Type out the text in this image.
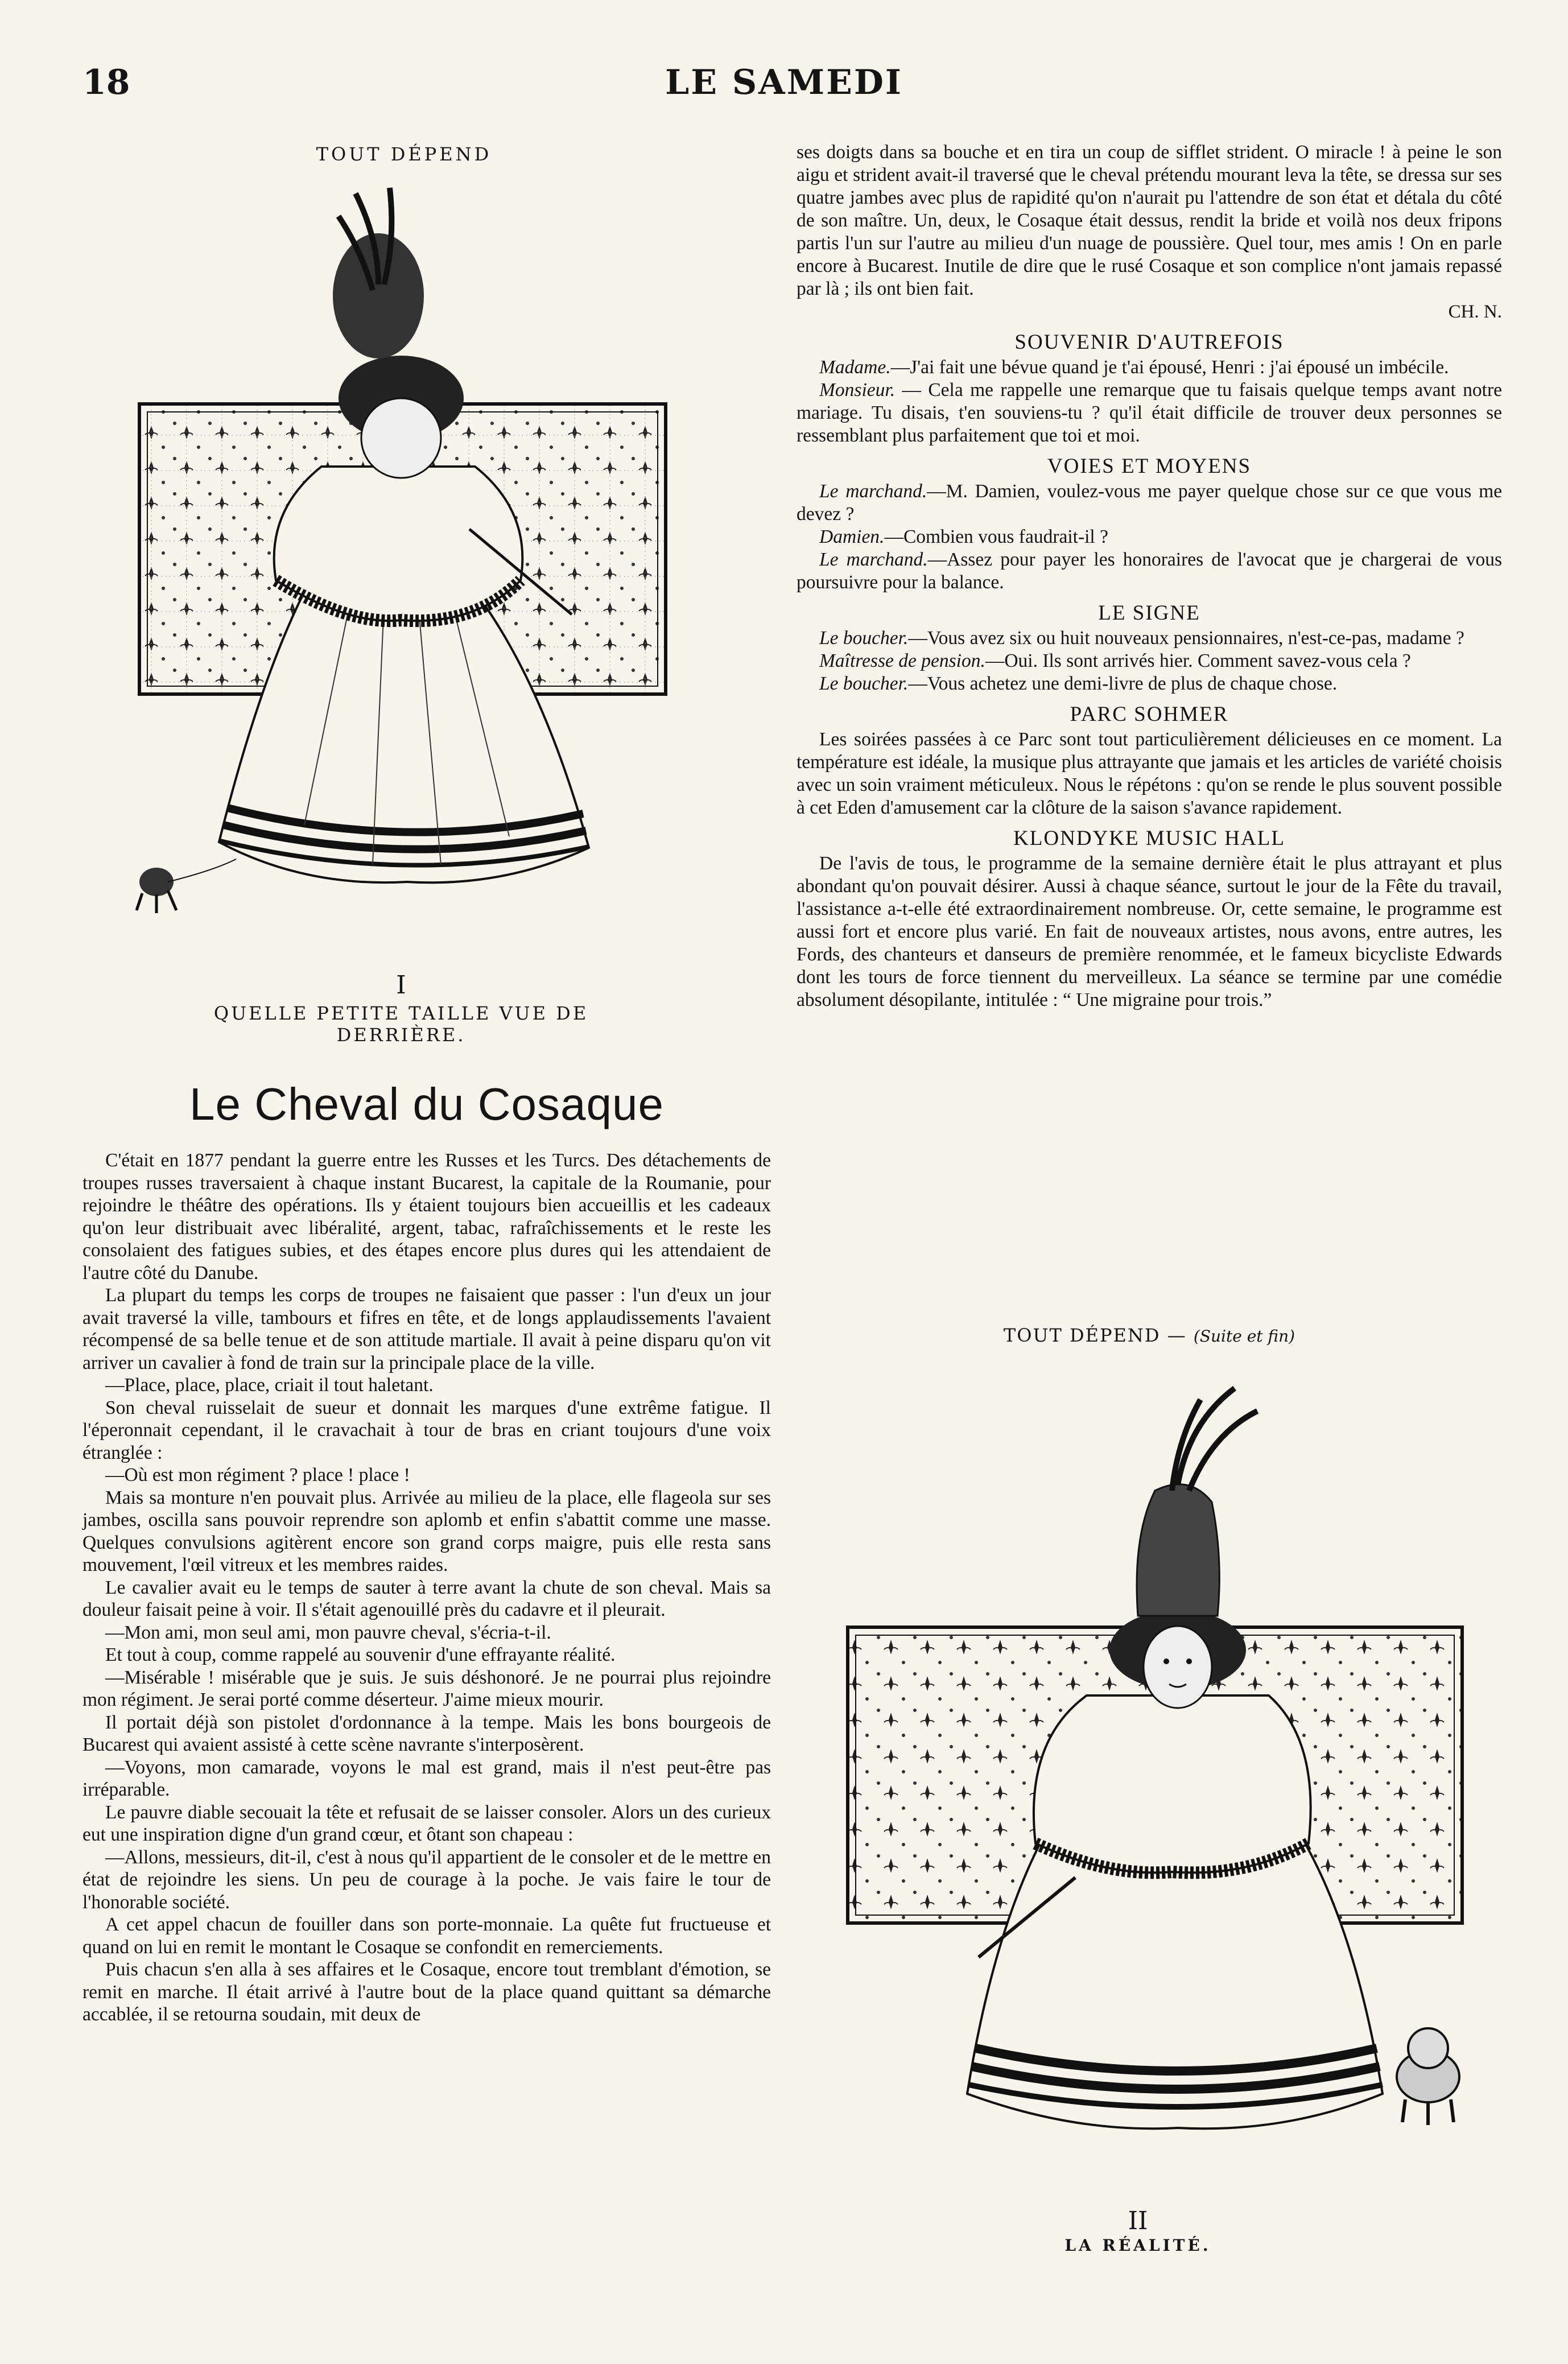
18	LE SAMEDI
TOUT DÉPEND
I
QUELLE PETITE TAILLE VUE DE DERRIÈRE.
Le Cheval du Cosaque

C'était en 1877 pendant la guerre entre les Russes et les Turcs. Des détachements de troupes russes traversaient à chaque instant Bucarest, la capitale de la Roumanie, pour rejoindre le théâtre des opérations. Ils y étaient toujours bien accueillis et les cadeaux qu'on leur distribuait avec libéralité, argent, tabac, rafraîchissements et le reste les consolaient des fatigues subies, et des étapes encore plus dures qui les attendaient de l'autre côté du Danube.

La plupart du temps les corps de troupes ne faisaient que passer : l'un d'eux un jour avait traversé la ville, tambours et fifres en tête, et de longs applaudissements l'avaient récompensé de sa belle tenue et de son attitude martiale. Il avait à peine disparu qu'on vit arriver un cavalier à fond de train sur la principale place de la ville.

—Place, place, place, criait il tout haletant.

Son cheval ruisselait de sueur et donnait les marques d'une extrême fatigue. Il l'éperonnait cependant, il le cravachait à tour de bras en criant toujours d'une voix étranglée :

—Où est mon régiment ? place ! place !

Mais sa monture n'en pouvait plus. Arrivée au milieu de la place, elle flageola sur ses jambes, oscilla sans pouvoir reprendre son aplomb et enfin s'abattit comme une masse. Quelques convulsions agitèrent encore son grand corps maigre, puis elle resta sans mouvement, l'œil vitreux et les membres raides.

Le cavalier avait eu le temps de sauter à terre avant la chute de son cheval. Mais sa douleur faisait peine à voir. Il s'était agenouillé près du cadavre et il pleurait.

—Mon ami, mon seul ami, mon pauvre cheval, s'écria-t-il.

Et tout à coup, comme rappelé au souvenir d'une effrayante réalité.

—Misérable ! misérable que je suis. Je suis déshonoré. Je ne pourrai plus rejoindre mon régiment. Je serai porté comme déserteur. J'aime mieux mourir.

Il portait déjà son pistolet d'ordonnance à la tempe. Mais les bons bourgeois de Bucarest qui avaient assisté à cette scène navrante s'interposèrent.

—Voyons, mon camarade, voyons le mal est grand, mais il n'est peut-être pas irréparable.

Le pauvre diable secouait la tête et refusait de se laisser consoler. Alors un des curieux eut une inspiration digne d'un grand cœur, et ôtant son chapeau :

—Allons, messieurs, dit-il, c'est à nous qu'il appartient de le consoler et de le mettre en état de rejoindre les siens. Un peu de courage à la poche. Je vais faire le tour de l'honorable société.

A cet appel chacun de fouiller dans son porte-monnaie. La quête fut fructueuse et quand on lui en remit le montant le Cosaque se confondit en remerciements.

Puis chacun s'en alla à ses affaires et le Cosaque, encore tout tremblant d'émotion, se remit en marche. Il était arrivé à l'autre bout de la place quand quittant sa démarche accablée, il se retourna soudain, mit deux de

ses doigts dans sa bouche et en tira un coup de sifflet strident. O miracle ! à peine le son aigu et strident avait-il traversé que le cheval prétendu mourant leva la tête, se dressa sur ses quatre jambes avec plus de rapidité qu'on n'aurait pu l'attendre de son état et détala du côté de son maître. Un, deux, le Cosaque était dessus, rendit la bride et voilà nos deux fripons partis l'un sur l'autre au milieu d'un nuage de poussière. Quel tour, mes amis ! On en parle encore à Bucarest. Inutile de dire que le rusé Cosaque et son complice n'ont jamais repassé par là ; ils ont bien fait.

CH. N.
SOUVENIR D'AUTREFOIS

Madame.—J'ai fait une bévue quand je t'ai épousé, Henri : j'ai épousé un imbécile.

Monsieur. — Cela me rappelle une remarque que tu faisais quelque temps avant notre mariage. Tu disais, t'en souviens-tu ? qu'il était difficile de trouver deux personnes se ressemblant plus parfaitement que toi et moi.

VOIES ET MOYENS

Le marchand.—M. Damien, voulez-vous me payer quelque chose sur ce que vous me devez ?

Damien.—Combien vous faudrait-il ?

Le marchand.—Assez pour payer les honoraires de l'avocat que je chargerai de vous poursuivre pour la balance.

LE SIGNE

Le boucher.—Vous avez six ou huit nouveaux pensionnaires, n'est-ce-pas, madame ?

Maîtresse de pension.—Oui. Ils sont arrivés hier. Comment savez-vous cela ?

Le boucher.—Vous achetez une demi-livre de plus de chaque chose.

PARC SOHMER

Les soirées passées à ce Parc sont tout particulièrement délicieuses en ce moment. La température est idéale, la musique plus attrayante que jamais et les articles de variété choisis avec un soin vraiment méticuleux. Nous le répétons : qu'on se rende le plus souvent possible à cet Eden d'amusement car la clôture de la saison s'avance rapidement.

KLONDYKE MUSIC HALL

De l'avis de tous, le programme de la semaine dernière était le plus attrayant et plus abondant qu'on pouvait désirer. Aussi à chaque séance, surtout le jour de la Fête du travail, l'assistance a-t-elle été extraordinairement nombreuse. Or, cette semaine, le programme est aussi fort et encore plus varié. En fait de nouveaux artistes, nous avons, entre autres, les Fords, des chanteurs et danseurs de première renommée, et le fameux bicycliste Edwards dont les tours de force tiennent du merveilleux. La séance se termine par une comédie absolument désopilante, intitulée : “ Une migraine pour trois.”

TOUT DÉPEND — (Suite et fin)
II
LA RÉALITÉ.
